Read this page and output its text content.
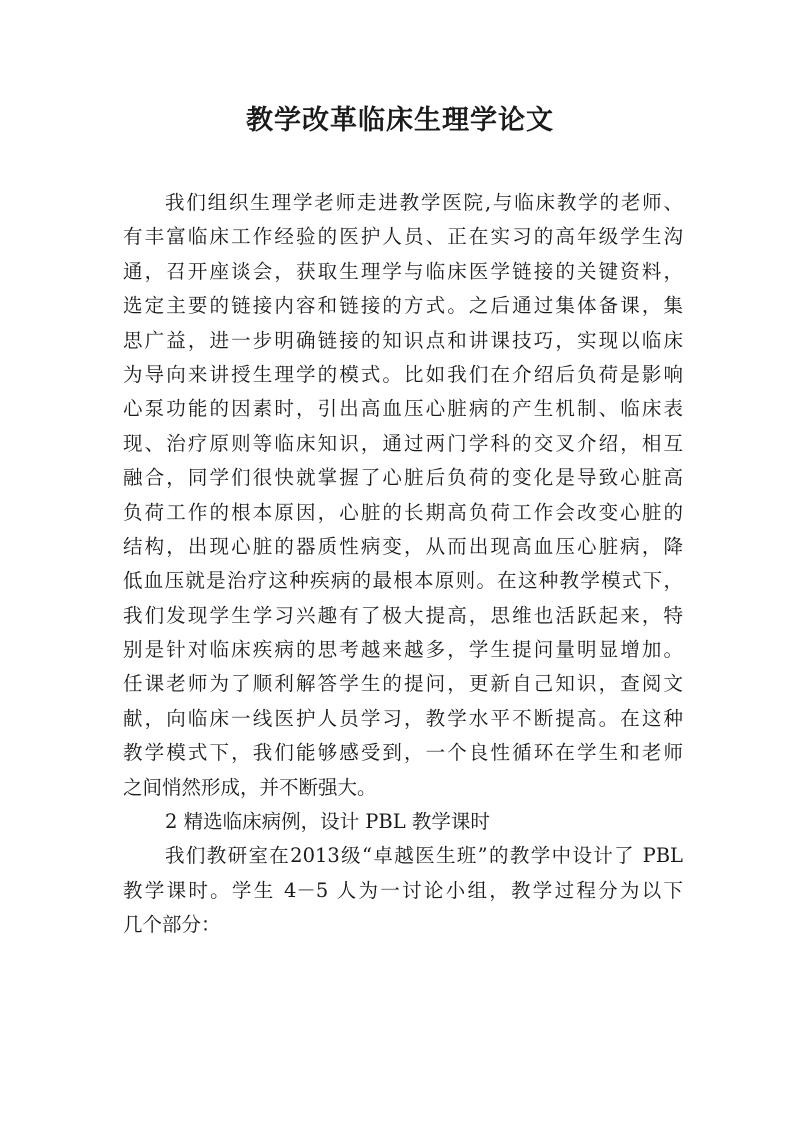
教学改革临床生理学论文
我们组织生理学老师走进教学医院,与临床教学的老师、
有丰富临床工作经验的医护人员、正在实习的高年级学生沟
通，召开座谈会，获取生理学与临床医学链接的关键资料，
选定主要的链接内容和链接的方式。之后通过集体备课，集
思广益，进一步明确链接的知识点和讲课技巧，实现以临床
为导向来讲授生理学的模式。比如我们在介绍后负荷是影响
心泵功能的因素时，引出高血压心脏病的产生机制、临床表
现、治疗原则等临床知识，通过两门学科的交叉介绍，相互
融合，同学们很快就掌握了心脏后负荷的变化是导致心脏高
负荷工作的根本原因，心脏的长期高负荷工作会改变心脏的
结构，出现心脏的器质性病变，从而出现高血压心脏病，降
低血压就是治疗这种疾病的最根本原则。在这种教学模式下，
我们发现学生学习兴趣有了极大提高，思维也活跃起来，特
别是针对临床疾病的思考越来越多，学生提问量明显增加。
任课老师为了顺利解答学生的提问，更新自己知识，查阅文
献，向临床一线医护人员学习，教学水平不断提高。在这种
教学模式下，我们能够感受到，一个良性循环在学生和老师
之间悄然形成，并不断强大。
2 精选临床病例，设计 PBL 教学课时
我们教研室在2013级“卓越医生班”的教学中设计了 PBL
教学课时。学生 4－5 人为一讨论小组，教学过程分为以下
几个部分：
